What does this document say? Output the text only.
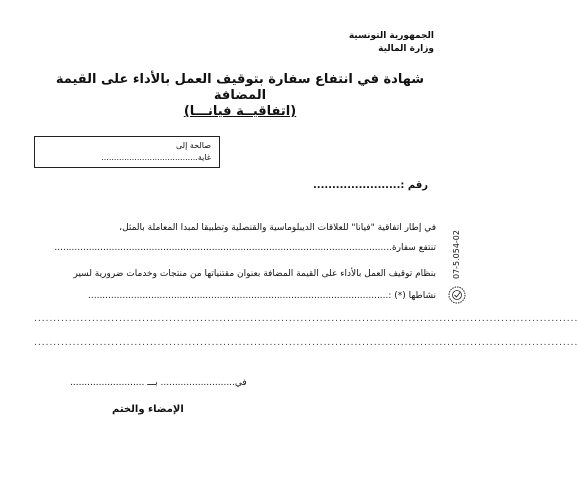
الجمهورية التونسية
وزارة المالية
شهادة في انتفاع سفارة بتوقيف العمل بالأداء على القيمة المضافة
(اتفاقيــة فيانـــا)
صالحة إلى
غاية......................................
رقم :.......................
في إطار اتفاقية "فيانا" للعلاقات الديبلوماسية والقنصلية وتطبيقا لمبدا المعاملة بالمثل،
تنتفع سفارة......................................................................................................................
بنظام توقيف العمل بالأداء على القيمة المضافة بعنوان مقتنياتها من منتجات وخدمات ضرورية لسير
نشاطها (*) :.........................................................................................................
.............................................................................................................................................
.............................................................................................................................................
في.......................... بـــ ..........................
الإمضاء والختم
07-5.054-02
